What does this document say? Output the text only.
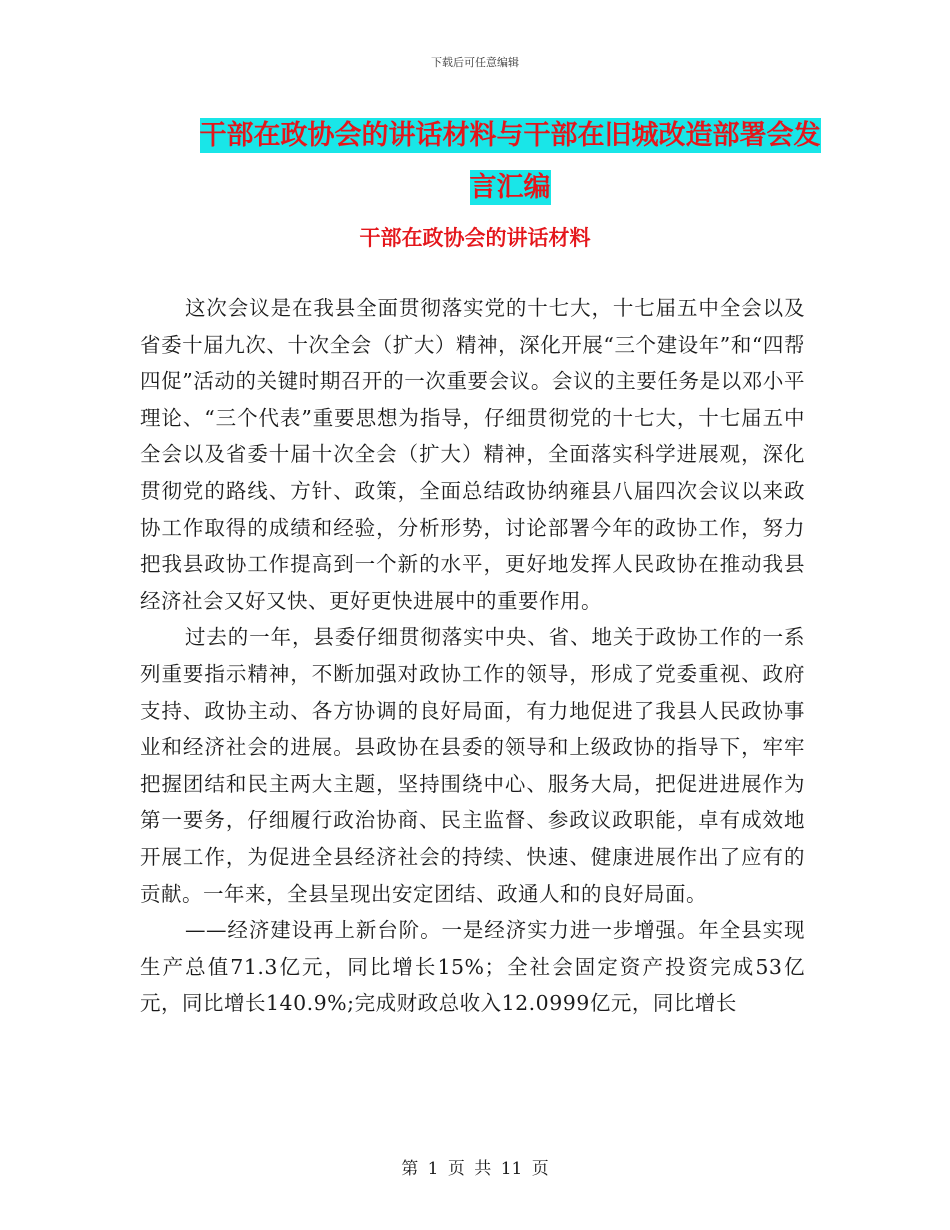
下载后可任意编辑
干部在政协会的讲话材料与干部在旧城改造部署会发言汇编
干部在政协会的讲话材料

这次会议是在我县全面贯彻落实党的十七大，十七届五中全会以及省委十届九次、十次全会（扩大）精神，深化开展“三个建设年”和“四帮四促”活动的关键时期召开的一次重要会议。会议的主要任务是以邓小平理论、“三个代表”重要思想为指导，仔细贯彻党的十七大，十七届五中全会以及省委十届十次全会（扩大）精神，全面落实科学进展观，深化贯彻党的路线、方针、政策，全面总结政协纳雍县八届四次会议以来政协工作取得的成绩和经验，分析形势，讨论部署今年的政协工作，努力把我县政协工作提高到一个新的水平，更好地发挥人民政协在推动我县经济社会又好又快、更好更快进展中的重要作用。

过去的一年，县委仔细贯彻落实中央、省、地关于政协工作的一系列重要指示精神，不断加强对政协工作的领导，形成了党委重视、政府支持、政协主动、各方协调的良好局面，有力地促进了我县人民政协事业和经济社会的进展。县政协在县委的领导和上级政协的指导下，牢牢把握团结和民主两大主题，坚持围绕中心、服务大局，把促进进展作为第一要务，仔细履行政治协商、民主监督、参政议政职能，卓有成效地开展工作，为促进全县经济社会的持续、快速、健康进展作出了应有的贡献。一年来，全县呈现出安定团结、政通人和的良好局面。

——经济建设再上新台阶。一是经济实力进一步增强。年全县实现生产总值71.3亿元，同比增长15%；全社会固定资产投资完成53亿元，同比增长140.9%;完成财政总收入12.0999亿元，同比增长

第 1 页 共 11 页
